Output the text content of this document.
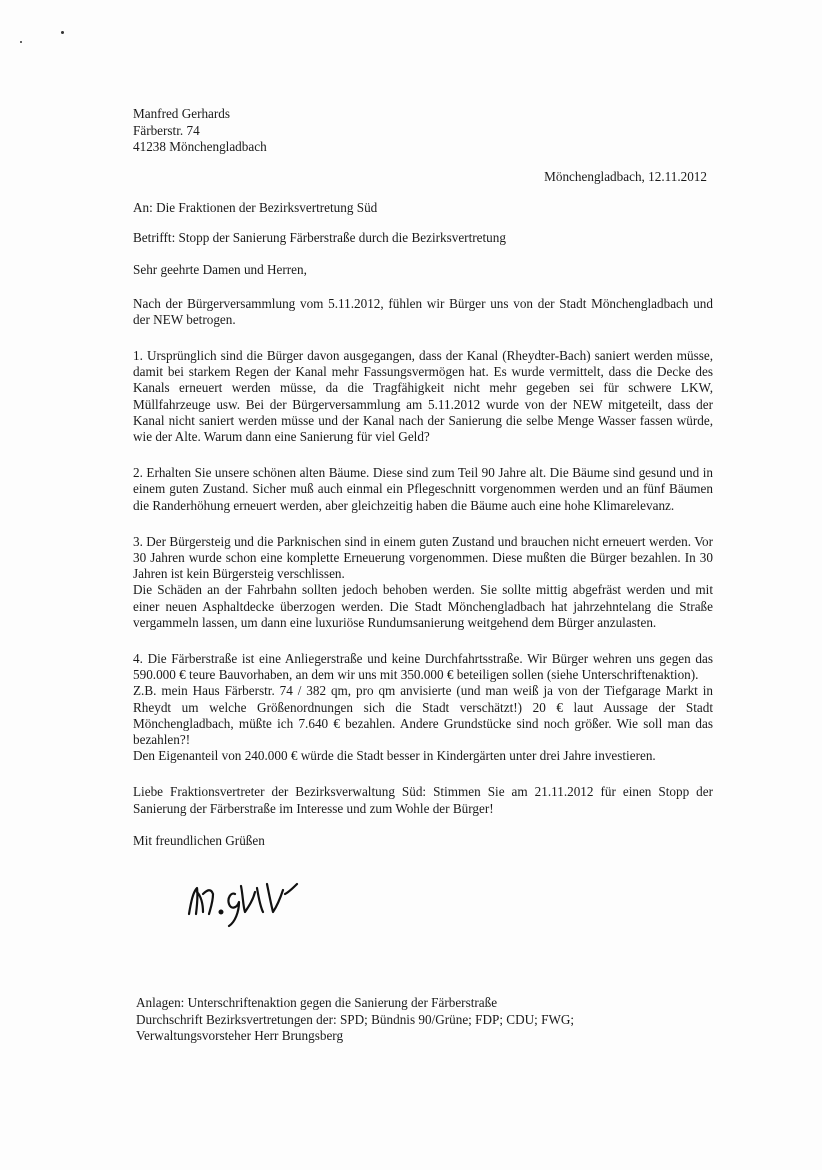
Manfred Gerhards
Färberstr. 74
41238 Mönchengladbach
Mönchengladbach, 12.11.2012

An: Die Fraktionen der Bezirksvertretung Süd

Betrifft: Stopp der Sanierung Färberstraße durch die Bezirksvertretung

Sehr geehrte Damen und Herren,

Nach der Bürgerversammlung vom 5.11.2012, fühlen wir Bürger uns von der Stadt Mönchengladbach und der NEW betrogen.

1. Ursprünglich sind die Bürger davon ausgegangen, dass der Kanal (Rheydter-Bach) saniert werden müsse, damit bei starkem Regen der Kanal mehr Fassungsvermögen hat. Es wurde vermittelt, dass die Decke des Kanals erneuert werden müsse, da die Tragfähigkeit nicht mehr gegeben sei für schwere LKW, Müllfahrzeuge usw. Bei der Bürgerversammlung am 5.11.2012 wurde von der NEW mitgeteilt, dass der Kanal nicht saniert werden müsse und der Kanal nach der Sanierung die selbe Menge Wasser fassen würde, wie der Alte. Warum dann eine Sanierung für viel Geld?

2. Erhalten Sie unsere schönen alten Bäume. Diese sind zum Teil 90 Jahre alt. Die Bäume sind gesund und in einem guten Zustand. Sicher muß auch einmal ein Pflegeschnitt vorgenommen werden und an fünf Bäumen die Randerhöhung erneuert werden, aber gleichzeitig haben die Bäume auch eine hohe Klimarelevanz.

3. Der Bürgersteig und die Parknischen sind in einem guten Zustand und brauchen nicht erneuert werden. Vor 30 Jahren wurde schon eine komplette Erneuerung vorgenommen. Diese mußten die Bürger bezahlen. In 30 Jahren ist kein Bürgersteig verschlissen.

Die Schäden an der Fahrbahn sollten jedoch behoben werden. Sie sollte mittig abgefräst werden und mit einer neuen Asphaltdecke überzogen werden. Die Stadt Mönchengladbach hat jahrzehntelang die Straße vergammeln lassen, um dann eine luxuriöse Rundumsanierung weitgehend dem Bürger anzulasten.

4. Die Färberstraße ist eine Anliegerstraße und keine Durchfahrtsstraße. Wir Bürger wehren uns gegen das 590.000 € teure Bauvorhaben, an dem wir uns mit 350.000 € beteiligen sollen (siehe Unterschriftenaktion).

Z.B. mein Haus Färberstr. 74 / 382 qm, pro qm anvisierte (und man weiß ja von der Tiefgarage Markt in Rheydt um welche Größenordnungen sich die Stadt verschätzt!) 20 € laut Aussage der Stadt Mönchengladbach, müßte ich 7.640 € bezahlen. Andere Grundstücke sind noch größer. Wie soll man das bezahlen?!

Den Eigenanteil von 240.000 € würde die Stadt besser in Kindergärten unter drei Jahre investieren.

Liebe Fraktionsvertreter der Bezirksverwaltung Süd: Stimmen Sie am 21.11.2012 für einen Stopp der Sanierung der Färberstraße im Interesse und zum Wohle der Bürger!

Mit freundlichen Grüßen

Anlagen: Unterschriftenaktion gegen die Sanierung der Färberstraße
Durchschrift Bezirksvertretungen der: SPD; Bündnis 90/Grüne; FDP; CDU; FWG;
Verwaltungsvorsteher Herr Brungsberg
